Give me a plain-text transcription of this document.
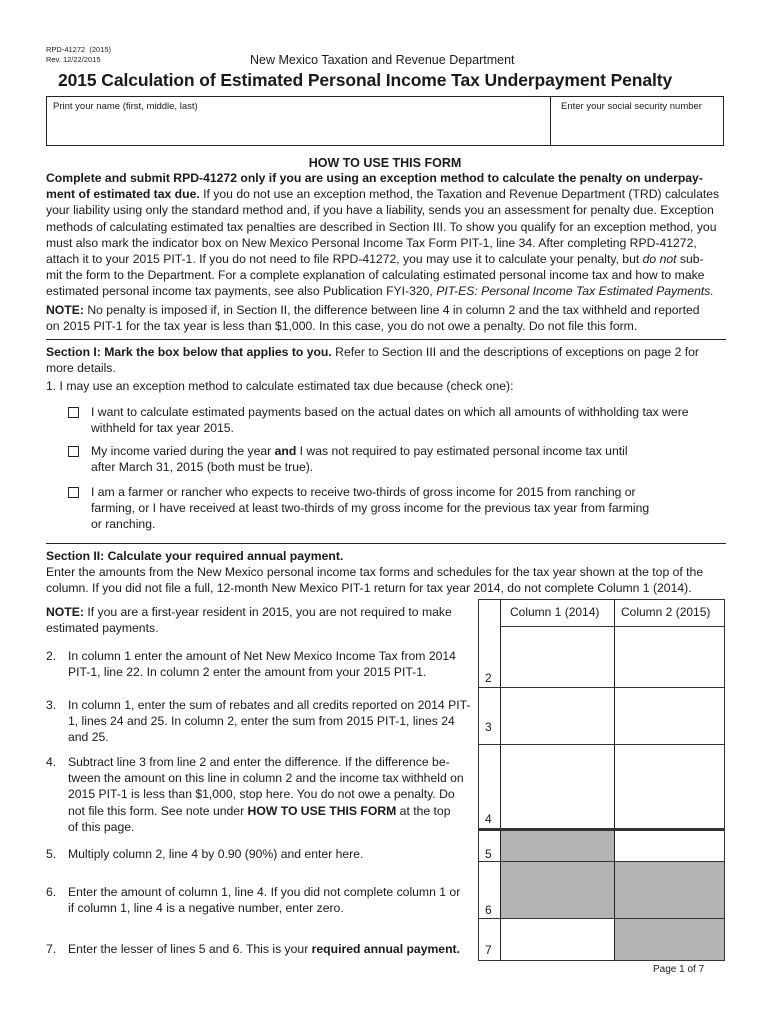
RPD-41272 (2015)
Rev. 12/22/2015	New Mexico Taxation and Revenue Department
2015 Calculation of Estimated Personal Income Tax Underpayment Penalty
Print your name (first, middle, last)	Enter your social security number
HOW TO USE THIS FORM
Complete and submit RPD-41272 only if you are using an exception method to calculate the penalty on underpay-
ment of estimated tax due. If you do not use an exception method, the Taxation and Revenue Department (TRD) calculates
your liability using only the standard method and, if you have a liability, sends you an assessment for penalty due. Exception
methods of calculating estimated tax penalties are described in Section III. To show you qualify for an exception method, you
must also mark the indicator box on New Mexico Personal Income Tax Form PIT-1, line 34. After completing RPD-41272,
attach it to your 2015 PIT-1. If you do not need to file RPD-41272, you may use it to calculate your penalty, but do not sub-
mit the form to the Department. For a complete explanation of calculating estimated personal income tax and how to make
estimated personal income tax payments, see also Publication FYI-320, PIT-ES: Personal Income Tax Estimated Payments.
NOTE: No penalty is imposed if, in Section II, the difference between line 4 in column 2 and the tax withheld and reported
on 2015 PIT-1 for the tax year is less than $1,000. In this case, you do not owe a penalty. Do not file this form.
Section I: Mark the box below that applies to you. Refer to Section III and the descriptions of exceptions on page 2 for
more details.
1. I may use an exception method to calculate estimated tax due because (check one):
I want to calculate estimated payments based on the actual dates on which all amounts of withholding tax were
withheld for tax year 2015.
My income varied during the year and I was not required to pay estimated personal income tax until
after March 31, 2015 (both must be true).
I am a farmer or rancher who expects to receive two-thirds of gross income for 2015 from ranching or
farming, or I have received at least two-thirds of my gross income for the previous tax year from farming
or ranching.
Section II: Calculate your required annual payment.
Enter the amounts from the New Mexico personal income tax forms and schedules for the tax year shown at the top of the
column. If you did not file a full, 12-month New Mexico PIT-1 return for tax year 2014, do not complete Column 1 (2014).
NOTE: If you are a first-year resident in 2015, you are not required to make
estimated payments.
Column 1 (2014) Column 2 (2015)
2
3
4
5
6
7
2. In column 1 enter the amount of Net New Mexico Income Tax from 2014
PIT-1, line 22. In column 2 enter the amount from your 2015 PIT-1.
3. In column 1, enter the sum of rebates and all credits reported on 2014 PIT-
1, lines 24 and 25. In column 2, enter the sum from 2015 PIT-1, lines 24
and 25.
4. Subtract line 3 from line 2 and enter the difference. If the difference be-
tween the amount on this line in column 2 and the income tax withheld on
2015 PIT-1 is less than $1,000, stop here. You do not owe a penalty. Do
not file this form. See note under HOW TO USE THIS FORM at the top
of this page.
5. Multiply column 2, line 4 by 0.90 (90%) and enter here.
6. Enter the amount of column 1, line 4. If you did not complete column 1 or
if column 1, line 4 is a negative number, enter zero.
7. Enter the lesser of lines 5 and 6. This is your required annual payment.
Page 1 of 7
